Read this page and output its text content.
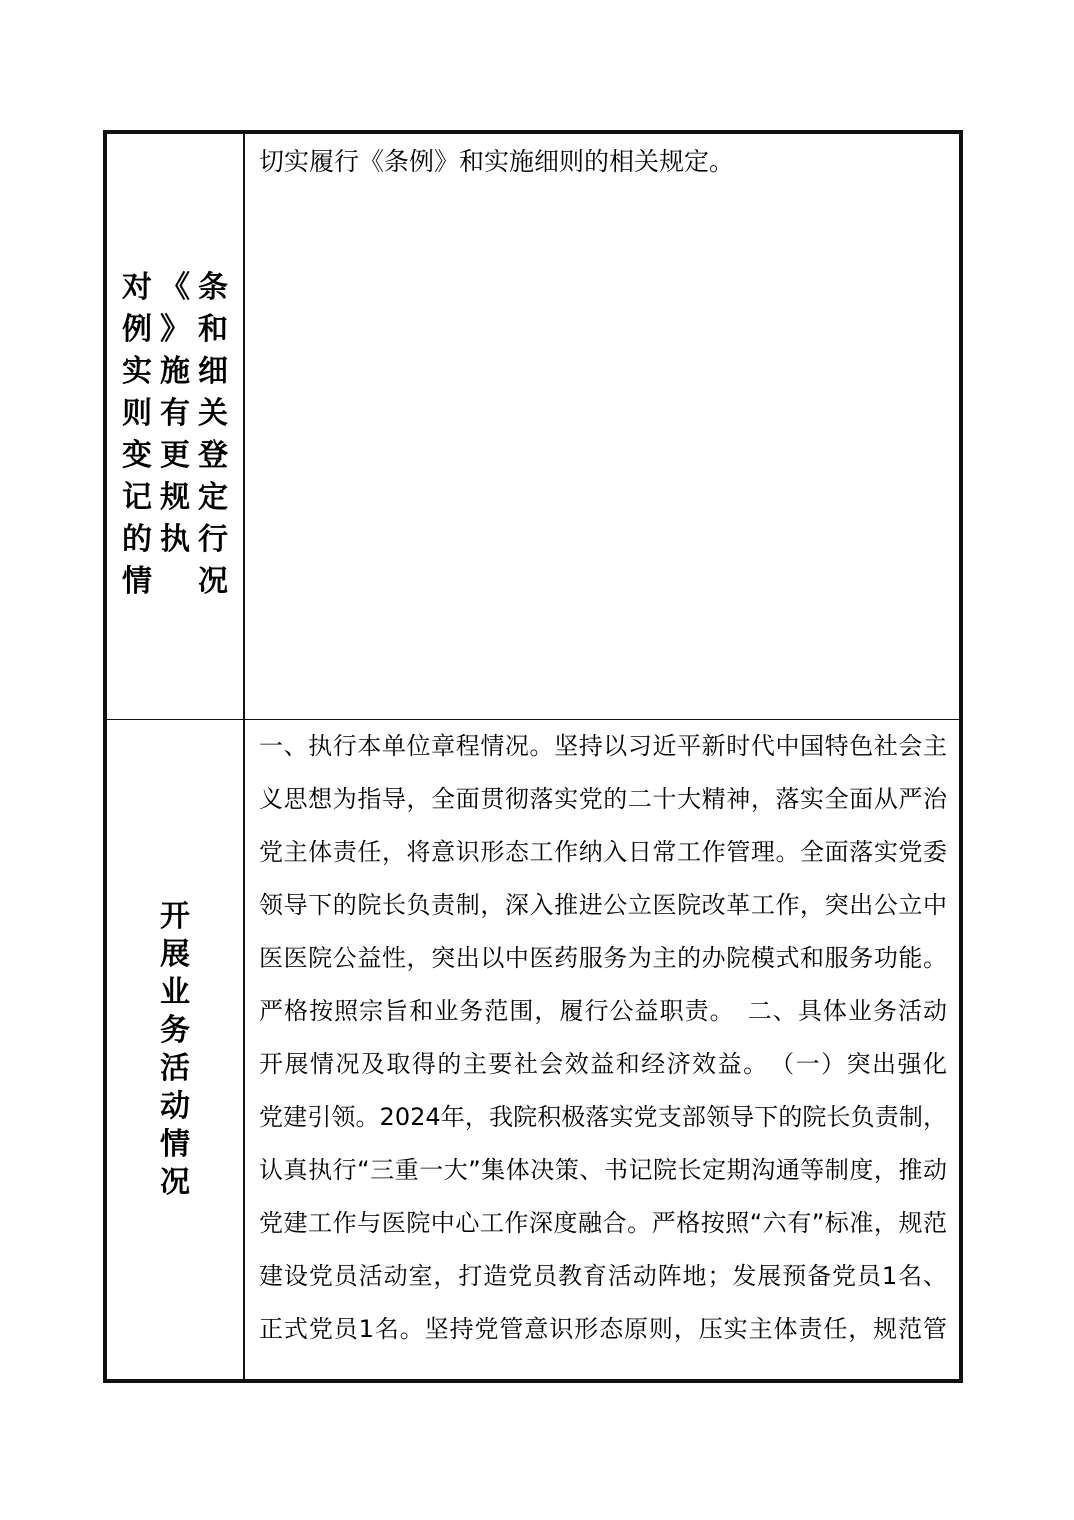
对《条
例》和
实施细
则有关
变更登
记规定
的执行
情　况
切实履行《条例》和实施细则的相关规定。
开
展
业
务
活
动
情
况
一、执行本单位章程情况。坚持以习近平新时代中国特色社会主
义思想为指导，全面贯彻落实党的二十大精神，落实全面从严治
党主体责任，将意识形态工作纳入日常工作管理。全面落实党委
领导下的院长负责制，深入推进公立医院改革工作，突出公立中
医医院公益性，突出以中医药服务为主的办院模式和服务功能。
严格按照宗旨和业务范围，履行公益职责。　二、具体业务活动
开展情况及取得的主要社会效益和经济效益。　（一）突出强化
党建引领。2024年，我院积极落实党支部领导下的院长负责制，
认真执行“三重一大”集体决策、书记院长定期沟通等制度，推动
党建工作与医院中心工作深度融合。严格按照“六有”标准，规范
建设党员活动室，打造党员教育活动阵地；发展预备党员1名、
正式党员1名。坚持党管意识形态原则，压实主体责任，规范管
